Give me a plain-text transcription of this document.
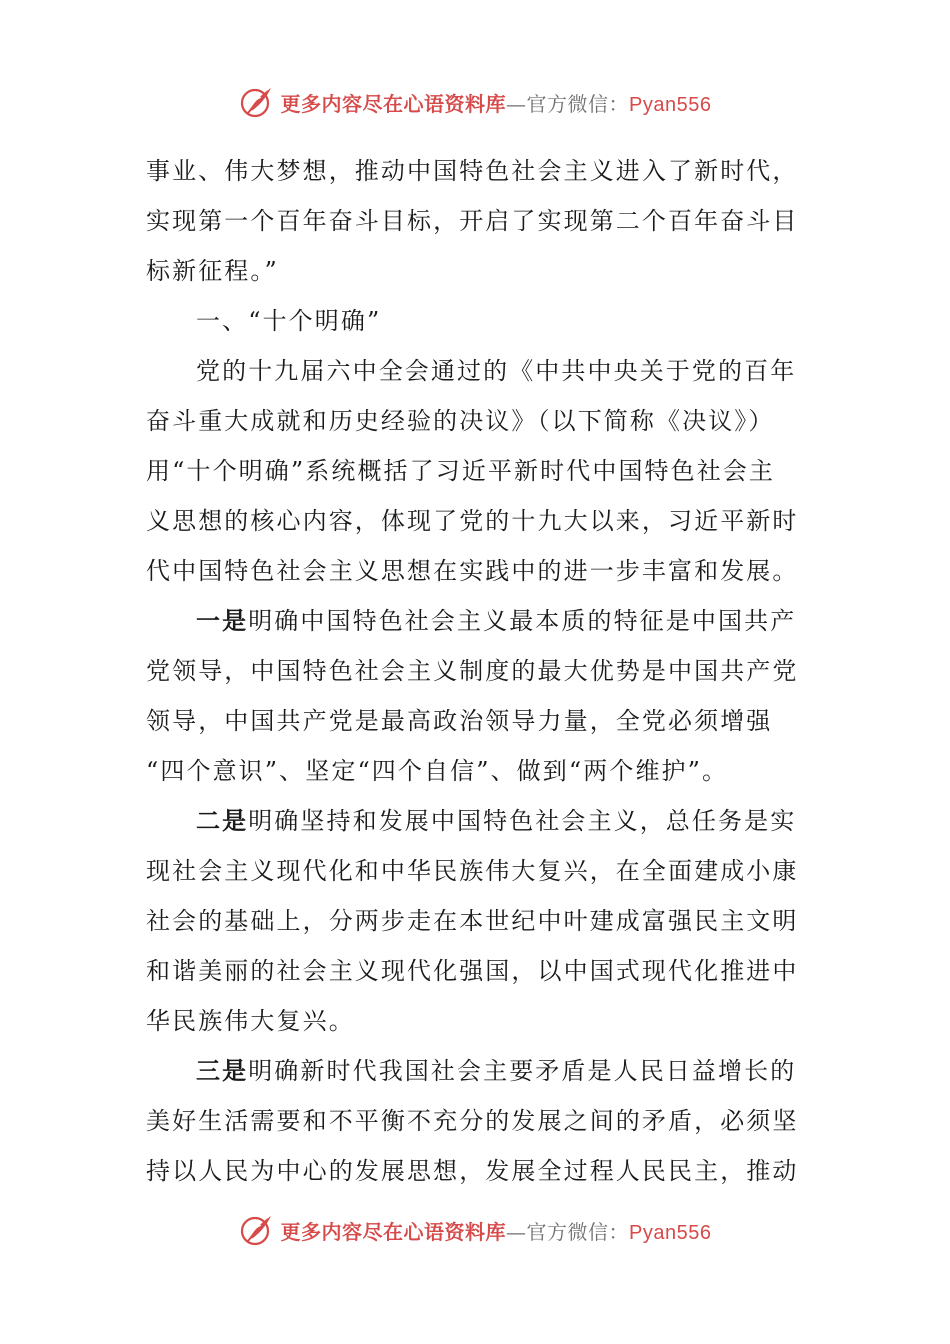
更多内容尽在心语资料库—官方微信：Pyan556
事业、伟大梦想，推动中国特色社会主义进入了新时代，
实现第一个百年奋斗目标，开启了实现第二个百年奋斗目
标新征程。”
一、“十个明确”
党的十九届六中全会通过的《中共中央关于党的百年
奋斗重大成就和历史经验的决议》（以下简称《决议》）
用“十个明确”系统概括了习近平新时代中国特色社会主
义思想的核心内容，体现了党的十九大以来，习近平新时
代中国特色社会主义思想在实践中的进一步丰富和发展。
一是明确中国特色社会主义最本质的特征是中国共产
党领导，中国特色社会主义制度的最大优势是中国共产党
领导，中国共产党是最高政治领导力量，全党必须增强
“四个意识”、坚定“四个自信”、做到“两个维护”。
二是明确坚持和发展中国特色社会主义，总任务是实
现社会主义现代化和中华民族伟大复兴，在全面建成小康
社会的基础上，分两步走在本世纪中叶建成富强民主文明
和谐美丽的社会主义现代化强国，以中国式现代化推进中
华民族伟大复兴。
三是明确新时代我国社会主要矛盾是人民日益增长的
美好生活需要和不平衡不充分的发展之间的矛盾，必须坚
持以人民为中心的发展思想，发展全过程人民民主，推动
更多内容尽在心语资料库—官方微信：Pyan556
